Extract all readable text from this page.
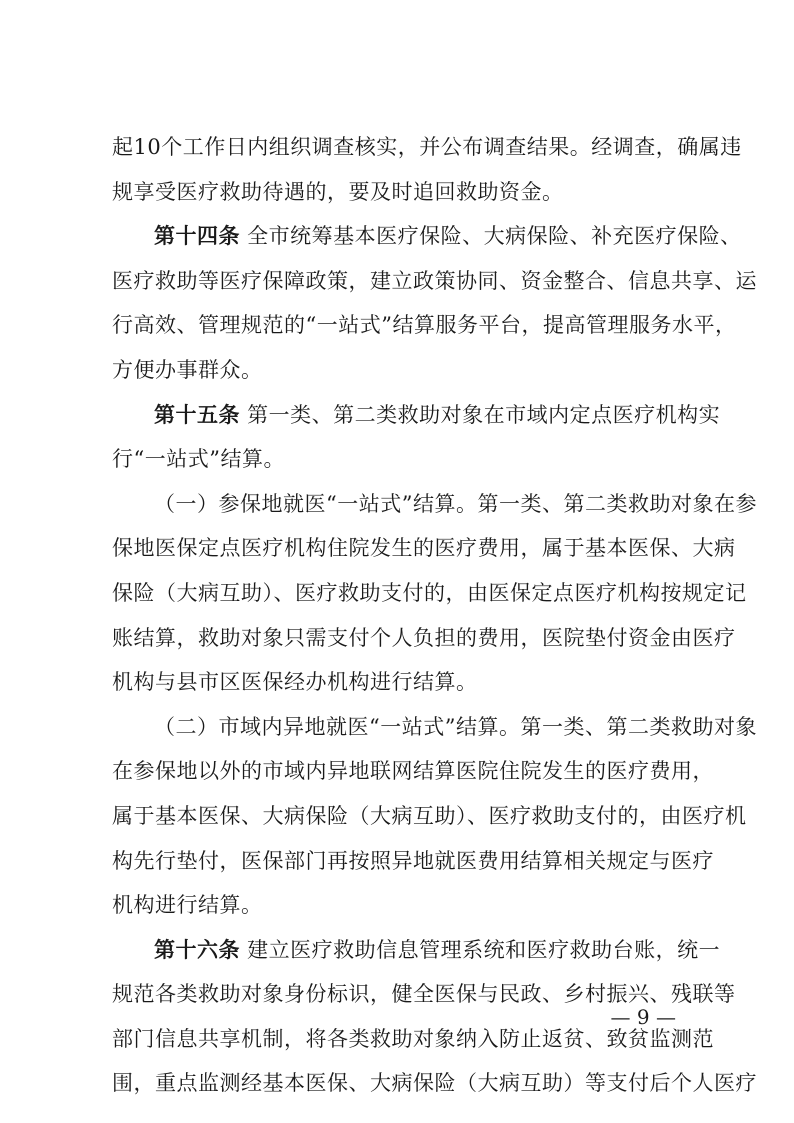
起10个工作日内组织调查核实，并公布调查结果。经调查，确属违
规享受医疗救助待遇的，要及时追回救助资金。
第十四条 全市统筹基本医疗保险、大病保险、补充医疗保险、
医疗救助等医疗保障政策，建立政策协同、资金整合、信息共享、运
行高效、管理规范的“一站式”结算服务平台，提高管理服务水平，
方便办事群众。
第十五条 第一类、第二类救助对象在市域内定点医疗机构实
行“一站式”结算。
（一）参保地就医“一站式”结算。第一类、第二类救助对象在参
保地医保定点医疗机构住院发生的医疗费用，属于基本医保、大病
保险（大病互助）、医疗救助支付的，由医保定点医疗机构按规定记
账结算，救助对象只需支付个人负担的费用，医院垫付资金由医疗
机构与县市区医保经办机构进行结算。
（二）市域内异地就医“一站式”结算。第一类、第二类救助对象
在参保地以外的市域内异地联网结算医院住院发生的医疗费用，
属于基本医保、大病保险（大病互助）、医疗救助支付的，由医疗机
构先行垫付，医保部门再按照异地就医费用结算相关规定与医疗
机构进行结算。
第十六条 建立医疗救助信息管理系统和医疗救助台账，统一
规范各类救助对象身份标识，健全医保与民政、乡村振兴、残联等
部门信息共享机制，将各类救助对象纳入防止返贫、致贫监测范
围，重点监测经基本医保、大病保险（大病互助）等支付后个人医疗
— 9 —
